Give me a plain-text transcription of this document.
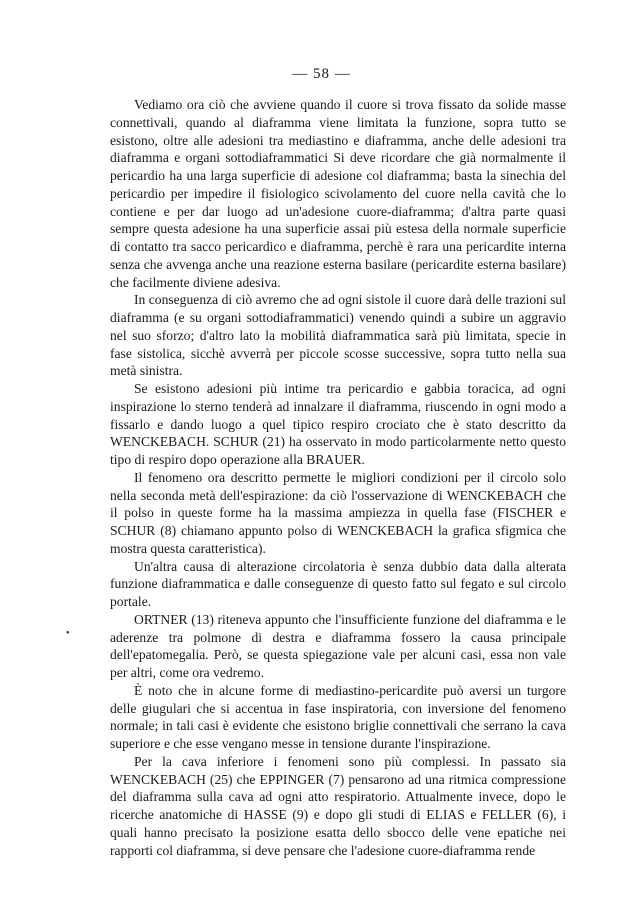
— 58 —
•

Vediamo ora ciò che avviene quando il cuore si trova fissato da solide masse connettivali, quando al diaframma viene limitata la funzione, sopra tutto se esistono, oltre alle adesioni tra mediastino e diaframma, anche delle adesioni tra diaframma e organi sottodiaframmatici Si deve ricordare che già normalmente il pericardio ha una larga superficie di adesione col diaframma; basta la sinechia del pericardio per impedire il fisiologico scivolamento del cuore nella cavità che lo contiene e per dar luogo ad un'adesione cuore-diaframma; d'altra parte quasi sempre questa adesione ha una superficie assai più estesa della normale superficie di contatto tra sacco pericardico e diaframma, perchè è rara una pericardite interna senza che avvenga anche una reazione esterna basilare (pericardite esterna basilare) che facilmente diviene adesiva.

In conseguenza di ciò avremo che ad ogni sistole il cuore darà delle trazioni sul diaframma (e su organi sottodiaframmatici) venendo quindi a subire un aggravio nel suo sforzo; d'altro lato la mobilità diaframmatica sarà più limitata, specie in fase sistolica, sicchè avverrà per piccole scosse successive, sopra tutto nella sua metà sinistra.

Se esistono adesioni più intime tra pericardio e gabbia toracica, ad ogni inspirazione lo sterno tenderà ad innalzare il diaframma, riuscendo in ogni modo a fissarlo e dando luogo a quel tipico respiro crociato che è stato descritto da WENCKEBACH. SCHUR (21) ha osservato in modo particolarmente netto questo tipo di respiro dopo operazione alla BRAUER.

Il fenomeno ora descritto permette le migliori condizioni per il circolo solo nella seconda metà dell'espirazione: da ciò l'osservazione di WENCKEBACH che il polso in queste forme ha la massima ampiezza in quella fase (FISCHER e SCHUR (8) chiamano appunto polso di WENCKEBACH la grafica sfigmica che mostra questa caratteristica).

Un'altra causa di alterazione circolatoria è senza dubbio data dalla alterata funzione diaframmatica e dalle conseguenze di questo fatto sul fegato e sul circolo portale.

ORTNER (13) riteneva appunto che l'insufficiente funzione del diaframma e le aderenze tra polmone di destra e diaframma fossero la causa principale dell'epatomegalia. Però, se questa spiegazione vale per alcuni casi, essa non vale per altri, come ora vedremo.

È noto che in alcune forme di mediastino-pericardite può aversi un turgore delle giugulari che si accentua in fase inspiratoria, con inversione del fenomeno normale; in tali casi è evidente che esistono briglie connettivali che serrano la cava superiore e che esse vengano messe in tensione durante l'inspirazione.

Per la cava inferiore i fenomeni sono più complessi. In passato sia WENCKEBACH (25) che EPPINGER (7) pensarono ad una ritmica compressione del diaframma sulla cava ad ogni atto respiratorio. Attualmente invece, dopo le ricerche anatomiche di HASSE (9) e dopo gli studi di ELIAS e FELLER (6), i quali hanno precisato la posizione esatta dello sbocco delle vene epatiche nei rapporti col diaframma, si deve pensare che l'adesione cuore-diaframma rende
